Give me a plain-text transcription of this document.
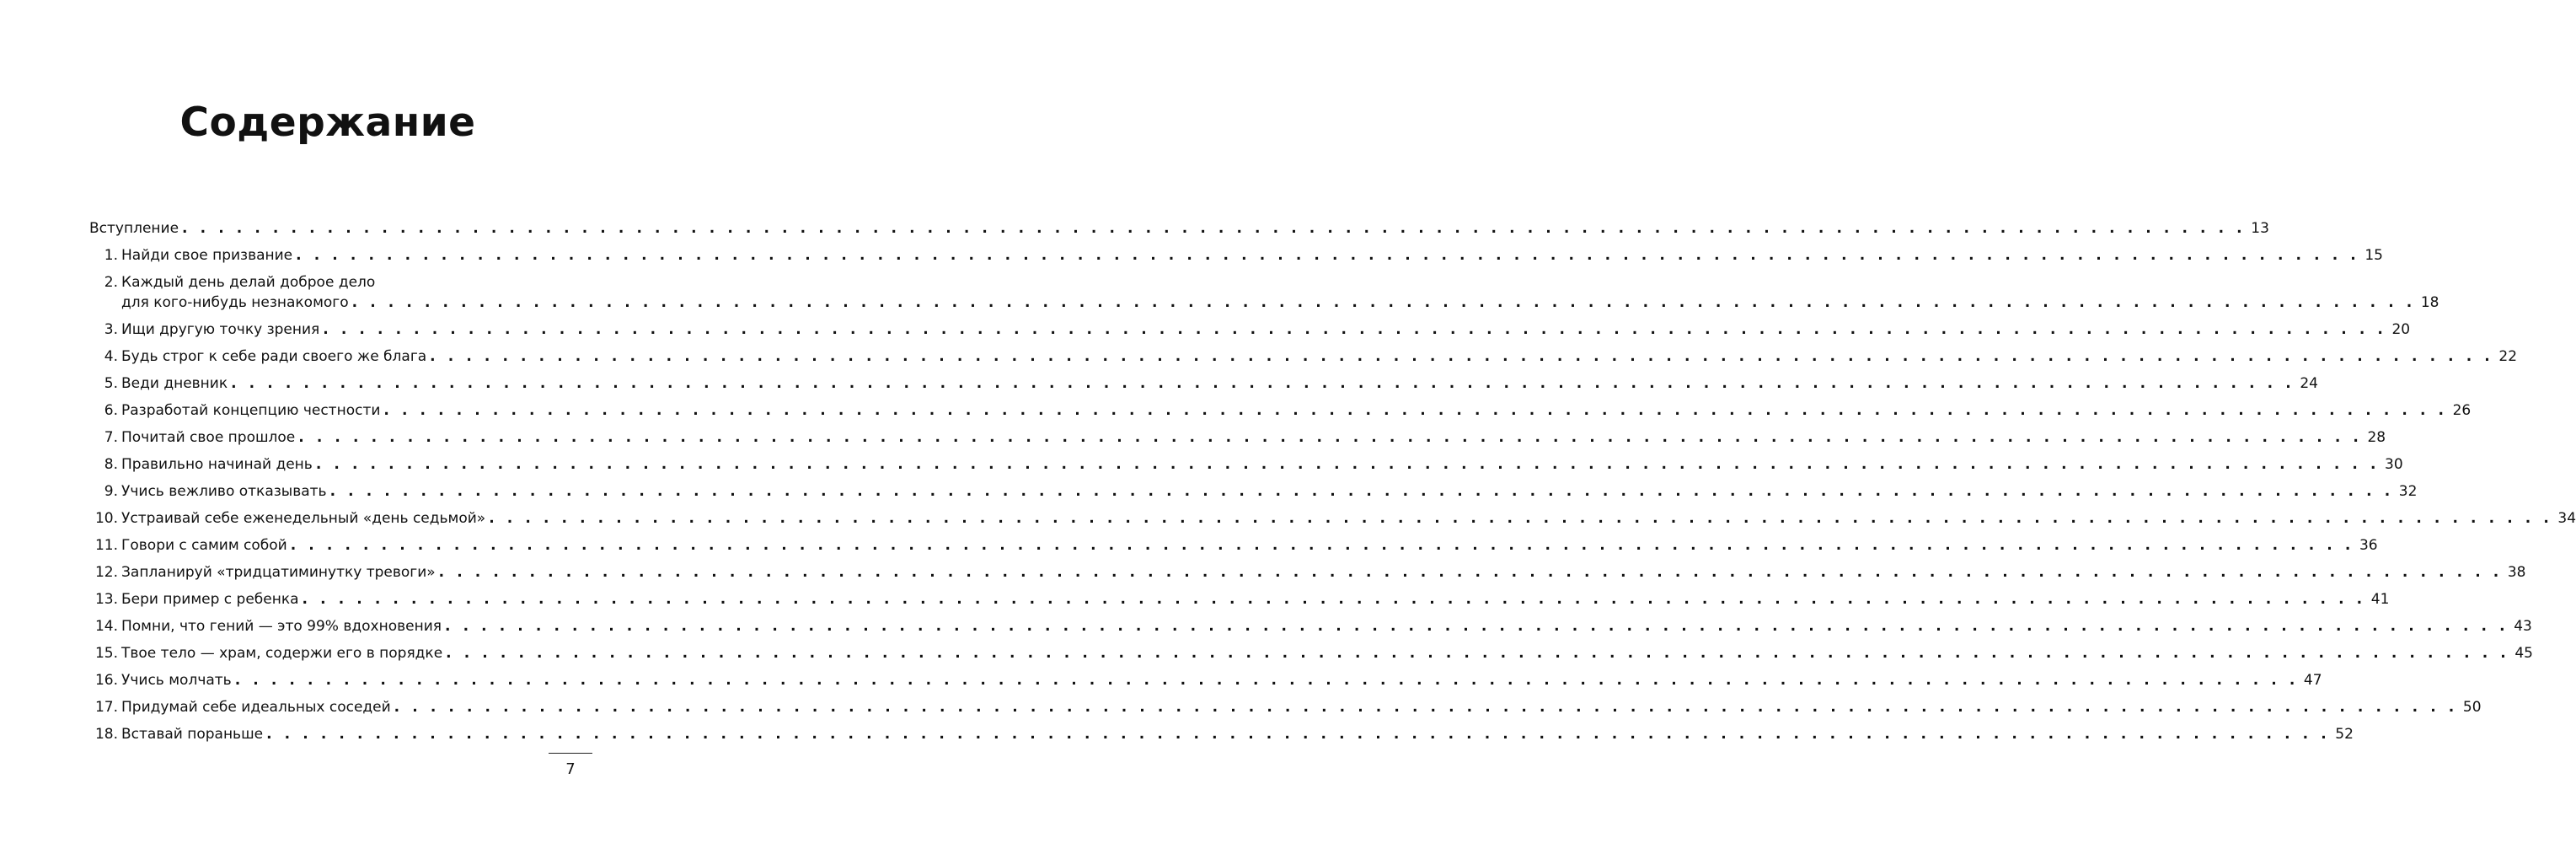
Содержание
Вступление . . .	13
1. Найди свое призвание . . .	15
2. Каждый день делай доброе дело
для кого-нибудь незнакомого . . .	18
3. Ищи другую точку зрения . . .	20
4. Будь строг к себе ради своего же блага . . .	22
5. Веди дневник . . .	24
6. Разработай концепцию честности . . .	26
7. Почитай свое прошлое . . .	28
8. Правильно начинай день . . .	30
9. Учись вежливо отказывать . . .	32
10. Устраивай себе еженедельный «день седьмой» . . .	34
11. Говори с самим собой . . .	36
12. Запланируй «тридцатиминутку тревоги» . . .	38
13. Бери пример с ребенка . . .	41
14. Помни, что гений — это 99% вдохновения . . .	43
15. Твое тело — храм, содержи его в порядке . . .	45
16. Учись молчать . . .	47
17. Придумай себе идеальных соседей . . .	50
18. Вставай пораньше . . .	52
7
